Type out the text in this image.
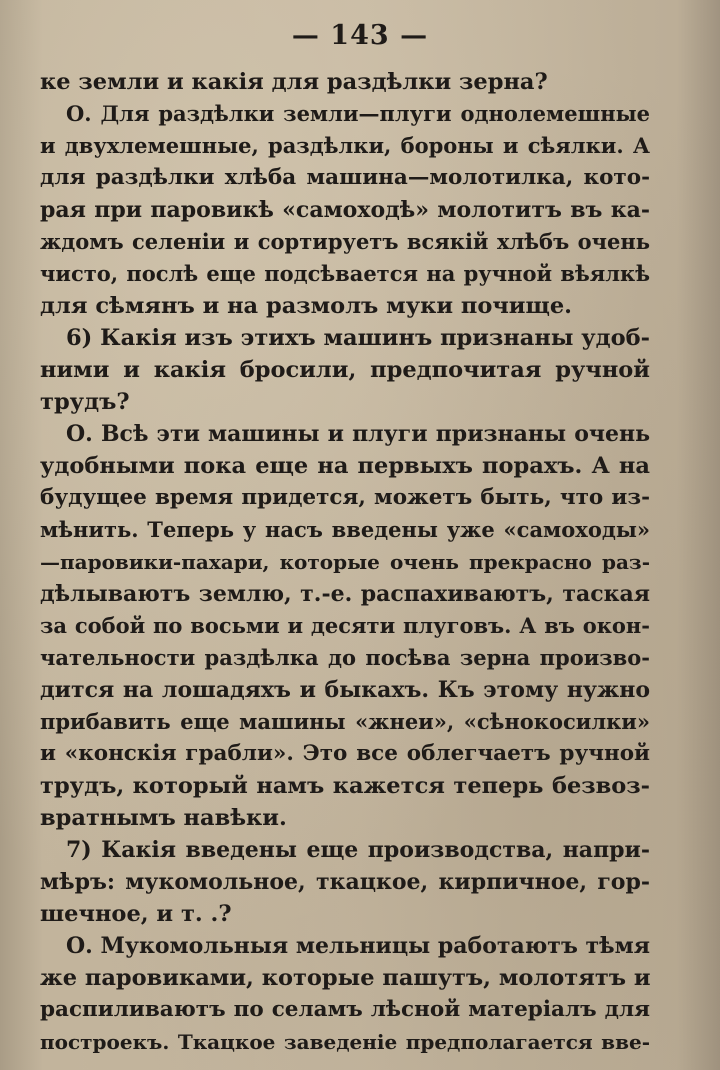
— 143 —
ке земли и какія для раздѣлки зерна?
О. Для раздѣлки земли—плуги однолемешные
и двухлемешные, раздѣлки, бороны и сѣялки. А
для раздѣлки хлѣба машина—молотилка, кото-
рая при паровикѣ «самоходѣ» молотитъ въ ка-
ждомъ селеніи и сортируетъ всякій хлѣбъ очень
чисто, послѣ еще подсѣвается на ручной вѣялкѣ
для сѣмянъ и на размолъ муки почище.
6) Какія изъ этихъ машинъ признаны удоб-
ними и какія бросили, предпочитая ручной
трудъ?
О. Всѣ эти машины и плуги признаны очень
удобными пока еще на первыхъ порахъ. А на
будущее время придется, можетъ быть, что из-
мѣнить. Теперь у насъ введены уже «самоходы»
—паровики-пахари, которые очень прекрасно раз-
дѣлываютъ землю, т.-е. распахиваютъ, таская
за собой по восьми и десяти плуговъ. А въ окон-
чательности раздѣлка до посѣва зерна произво-
дится на лошадяхъ и быкахъ. Къ этому нужно
прибавить еще машины «жнеи», «сѣнокосилки»
и «конскія грабли». Это все облегчаетъ ручной
трудъ, который намъ кажется теперь безвоз-
вратнымъ навѣки.
7) Какія введены еще производства, напри-
мѣръ: мукомольное, ткацкое, кирпичное, гор-
шечное, и т. .?
О. Мукомольныя мельницы работаютъ тѣмя
же паровиками, которые пашутъ, молотятъ и
распиливаютъ по селамъ лѣсной матеріалъ для
построекъ. Ткацкое заведеніе предполагается вве-
